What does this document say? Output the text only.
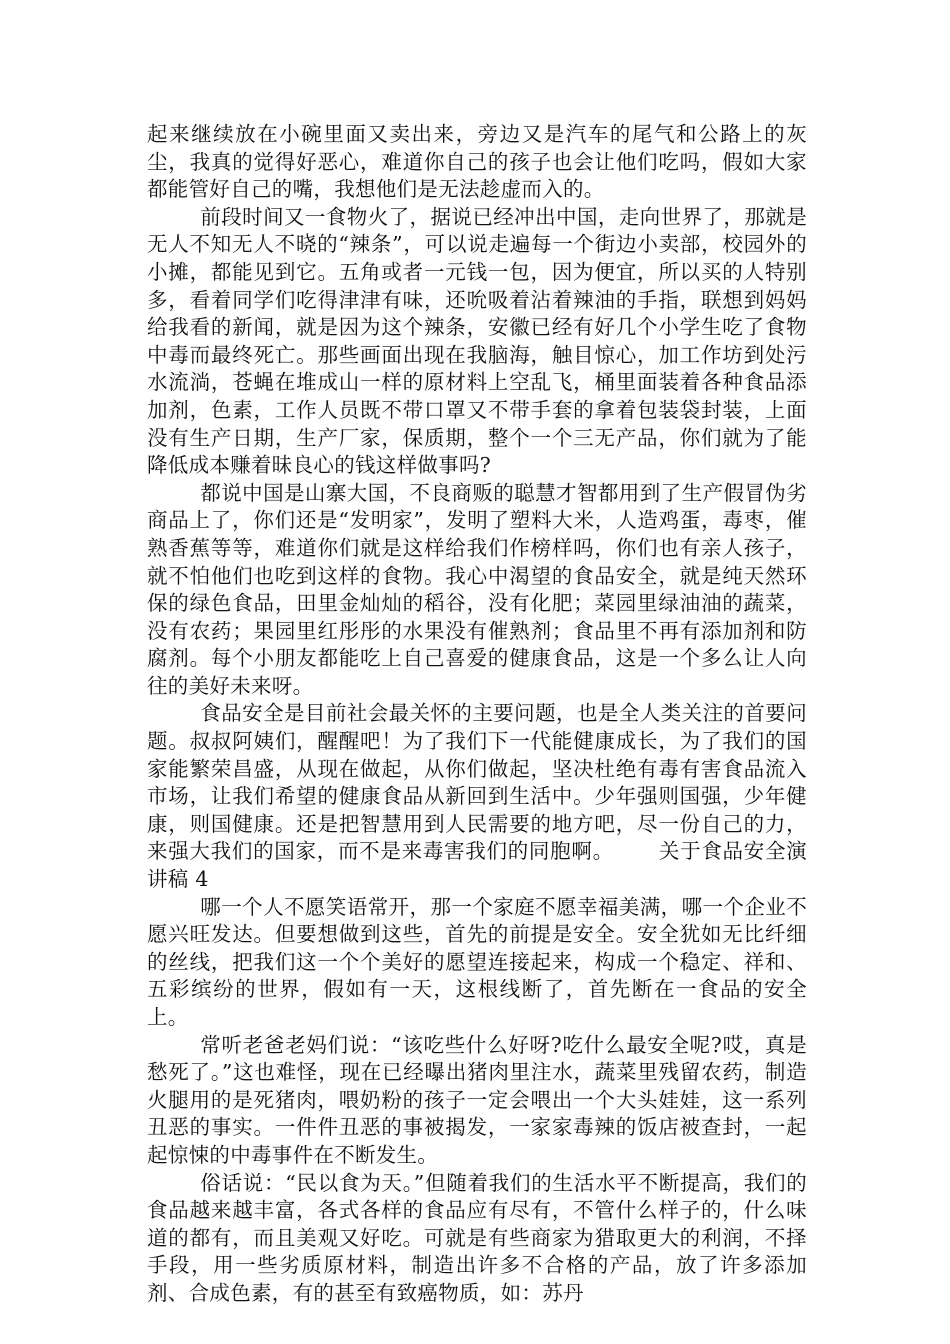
起来继续放在小碗里面又卖出来，旁边又是汽车的尾气和公路上的灰尘，我真的觉得好恶心，难道你自己的孩子也会让他们吃吗，假如大家都能管好自己的嘴，我想他们是无法趁虚而入的。

前段时间又一食物火了，据说已经冲出中国，走向世界了，那就是无人不知无人不晓的“辣条”，可以说走遍每一个街边小卖部，校园外的小摊，都能见到它。五角或者一元钱一包，因为便宜，所以买的人特别多，看着同学们吃得津津有味，还吮吸着沾着辣油的手指，联想到妈妈给我看的新闻，就是因为这个辣条，安徽已经有好几个小学生吃了食物中毒而最终死亡。那些画面出现在我脑海，触目惊心，加工作坊到处污水流淌，苍蝇在堆成山一样的原材料上空乱飞，桶里面装着各种食品添加剂，色素，工作人员既不带口罩又不带手套的拿着包装袋封装，上面没有生产日期，生产厂家，保质期，整个一个三无产品，你们就为了能降低成本赚着昧良心的钱这样做事吗?

都说中国是山寨大国，不良商贩的聪慧才智都用到了生产假冒伪劣商品上了，你们还是“发明家”，发明了塑料大米，人造鸡蛋，毒枣，催熟香蕉等等，难道你们就是这样给我们作榜样吗，你们也有亲人孩子，就不怕他们也吃到这样的食物。我心中渴望的食品安全，就是纯天然环保的绿色食品，田里金灿灿的稻谷，没有化肥；菜园里绿油油的蔬菜，没有农药；果园里红彤彤的水果没有催熟剂；食品里不再有添加剂和防腐剂。每个小朋友都能吃上自己喜爱的健康食品，这是一个多么让人向往的美好未来呀。

食品安全是目前社会最关怀的主要问题，也是全人类关注的首要问题。叔叔阿姨们，醒醒吧！为了我们下一代能健康成长，为了我们的国家能繁荣昌盛，从现在做起，从你们做起，坚决杜绝有毒有害食品流入市场，让我们希望的健康食品从新回到生活中。少年强则国强，少年健康，则国健康。还是把智慧用到人民需要的地方吧，尽一份自己的力，来强大我们的国家，而不是来毒害我们的同胞啊。 关于食品安全演讲稿 4

哪一个人不愿笑语常开，那一个家庭不愿幸福美满，哪一个企业不愿兴旺发达。但要想做到这些，首先的前提是安全。安全犹如无比纤细的丝线，把我们这一个个美好的愿望连接起来，构成一个稳定、祥和、五彩缤纷的世界，假如有一天，这根线断了，首先断在一食品的安全上。

常听老爸老妈们说：“该吃些什么好呀?吃什么最安全呢?哎，真是愁死了。”这也难怪，现在已经曝出猪肉里注水，蔬菜里残留农药，制造火腿用的是死猪肉，喂奶粉的孩子一定会喂出一个大头娃娃，这一系列丑恶的事实。一件件丑恶的事被揭发，一家家毒辣的饭店被查封，一起起惊悚的中毒事件在不断发生。

俗话说：“民以食为天。”但随着我们的生活水平不断提高，我们的食品越来越丰富，各式各样的食品应有尽有，不管什么样子的，什么味道的都有，而且美观又好吃。可就是有些商家为猎取更大的利润，不择手段，用一些劣质原材料，制造出许多不合格的产品，放了许多添加剂、合成色素，有的甚至有致癌物质，如：苏丹
